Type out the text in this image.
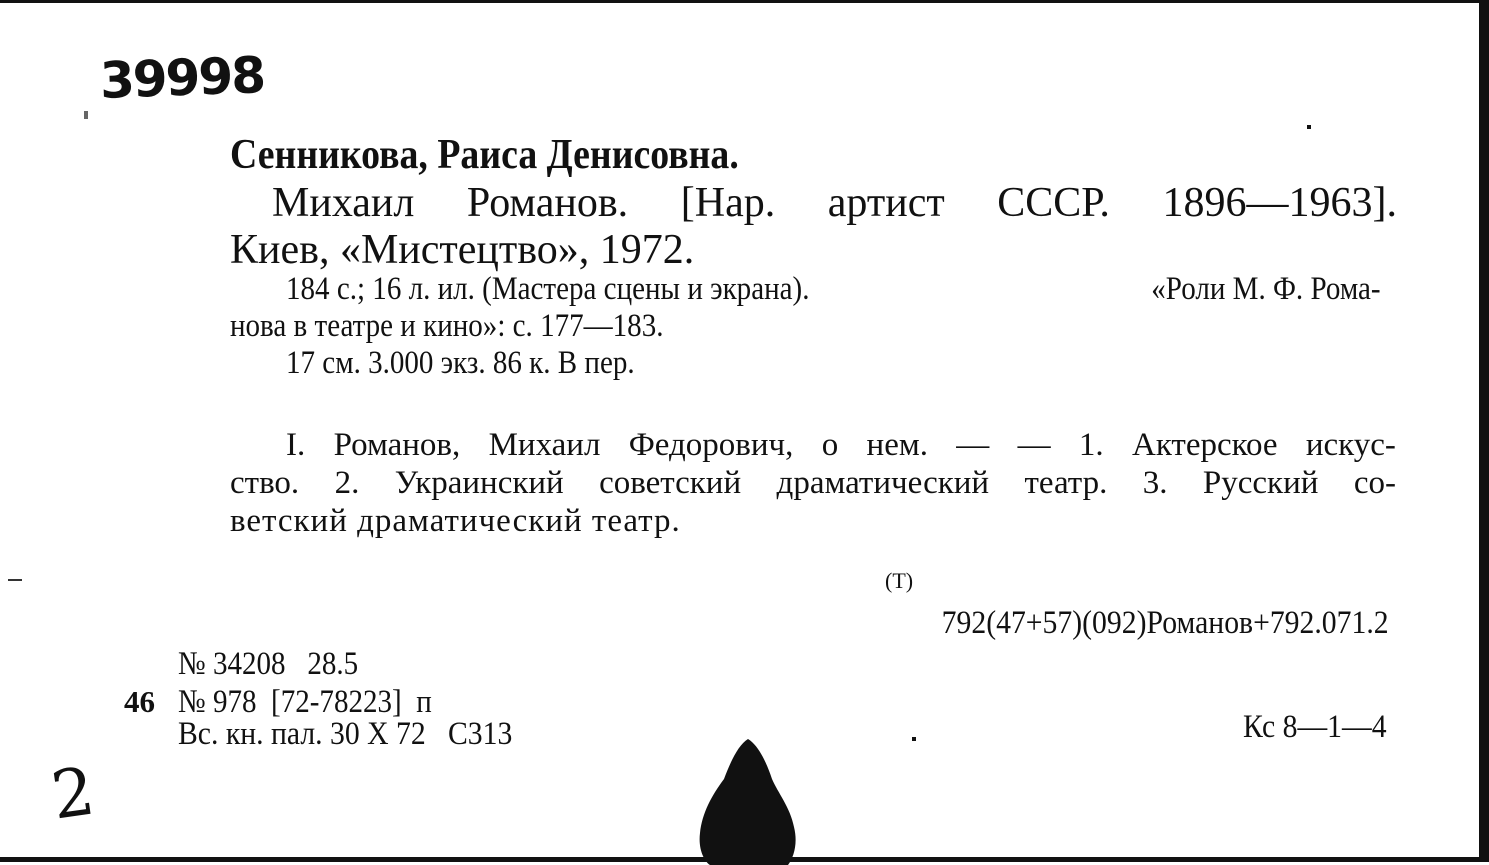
39998
Сенникова, Раиса Денисовна.
Михаил Романов. [Нар. артист СССР. 1896—1963].
Киев, «Мистецтво», 1972.
184 с.; 16 л. ил. (Мастера сцены и экрана).	«Роли М. Ф. Рома-
нова в театре и кино»: с. 177—183.
17 см. 3.000 экз. 86 к. В пер.
I. Романов, Михаил Федорович, о нем. — — 1. Актерское искус-
ство. 2. Украинский советский драматический театр. 3. Русский со-
ветский драматический театр.
(Т)
792(47+57)(092)Романов+792.071.2
№ 34208   28.5
46 № 978  [72-78223]  п
Вс. кн. пал. 30 X 72   С313	Кс 8—1—4
2
